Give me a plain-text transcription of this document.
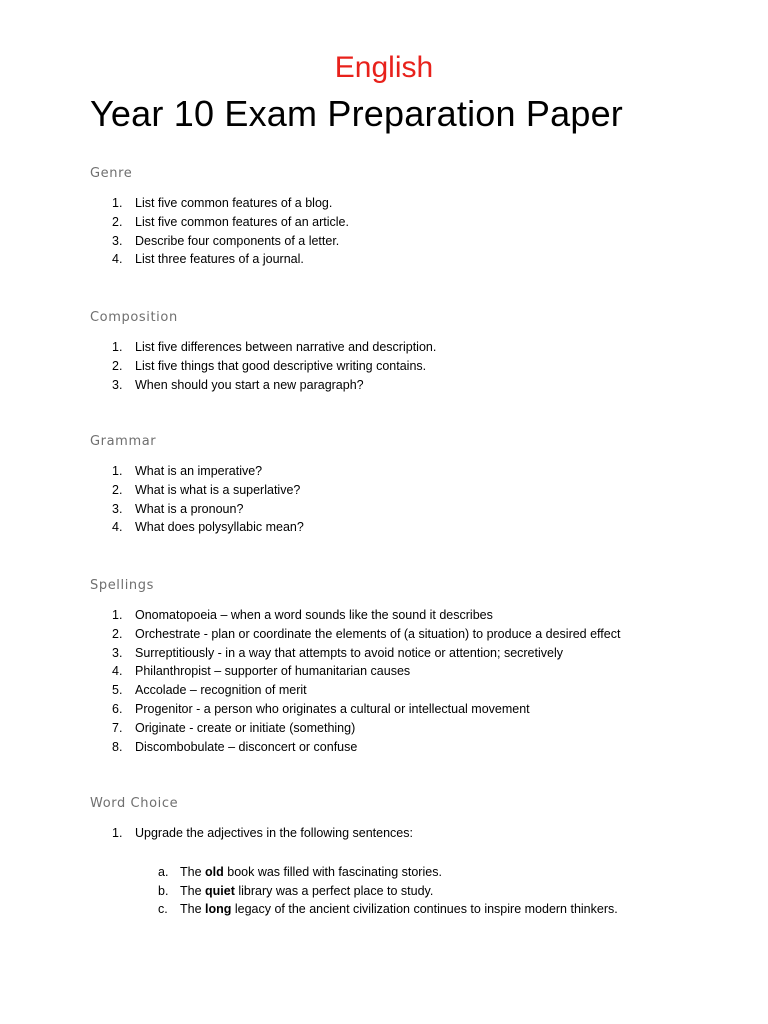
English
Year 10 Exam Preparation Paper
Genre
1. List five common features of a blog.
2. List five common features of an article.
3. Describe four components of a letter.
4. List three features of a journal.
Composition
1. List five differences between narrative and description.
2. List five things that good descriptive writing contains.
3. When should you start a new paragraph?
Grammar
1. What is an imperative?
2. What is what is a superlative?
3. What is a pronoun?
4. What does polysyllabic mean?
Spellings
1. Onomatopoeia – when a word sounds like the sound it describes
2. Orchestrate - plan or coordinate the elements of (a situation) to produce a desired effect
3. Surreptitiously - in a way that attempts to avoid notice or attention; secretively
4. Philanthropist – supporter of humanitarian causes
5. Accolade – recognition of merit
6. Progenitor - a person who originates a cultural or intellectual movement
7. Originate - create or initiate (something)
8. Discombobulate – disconcert or confuse
Word Choice
1. Upgrade the adjectives in the following sentences:
a. The old book was filled with fascinating stories.
b. The quiet library was a perfect place to study.
c. The long legacy of the ancient civilization continues to inspire modern thinkers.
